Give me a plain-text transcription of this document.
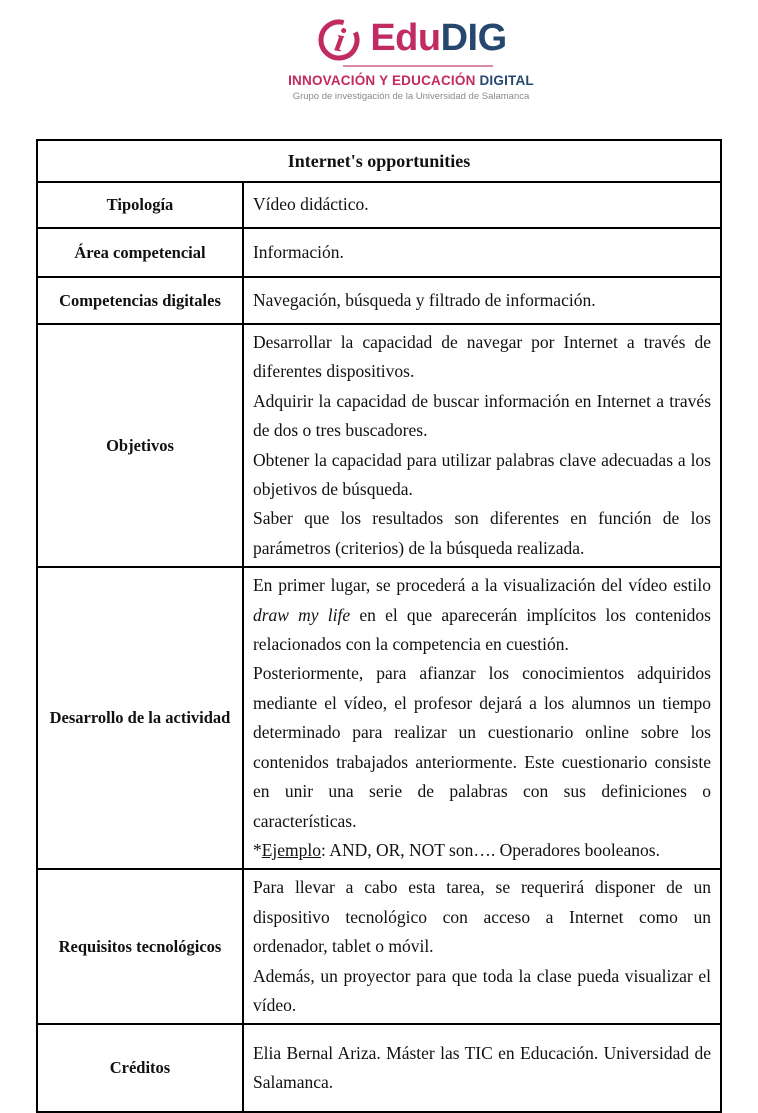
i EduDIG
INNOVACIÓN Y EDUCACIÓN DIGITAL
Grupo de investigación de la Universidad de Salamanca
Internet's opportunities	
Tipología	Vídeo didáctico.

Área competencial	Información.

Competencias digitales	Navegación, búsqueda y filtrado de información.

Objetivos	Desarrollar la capacidad de navegar por Internet a través de diferentes dispositivos.

Adquirir la capacidad de buscar información en Internet a través de dos o tres buscadores.

Obtener la capacidad para utilizar palabras clave adecuadas a los objetivos de búsqueda.

Saber que los resultados son diferentes en función de los parámetros (criterios) de la búsqueda realizada.

Desarrollo de la actividad	En primer lugar, se procederá a la visualización del vídeo estilo draw my life en el que aparecerán implícitos los contenidos relacionados con la competencia en cuestión.

Posteriormente, para afianzar los conocimientos adquiridos mediante el vídeo, el profesor dejará a los alumnos un tiempo determinado para realizar un cuestionario online sobre los contenidos trabajados anteriormente. Este cuestionario consiste en unir una serie de palabras con sus definiciones o características.

*Ejemplo: AND, OR, NOT son…. Operadores booleanos.

Requisitos tecnológicos	Para llevar a cabo esta tarea, se requerirá disponer de un dispositivo tecnológico con acceso a Internet como un ordenador, tablet o móvil.

Además, un proyector para que toda la clase pueda visualizar el vídeo.

Créditos	Elia Bernal Ariza. Máster las TIC en Educación. Universidad de Salamanca.
